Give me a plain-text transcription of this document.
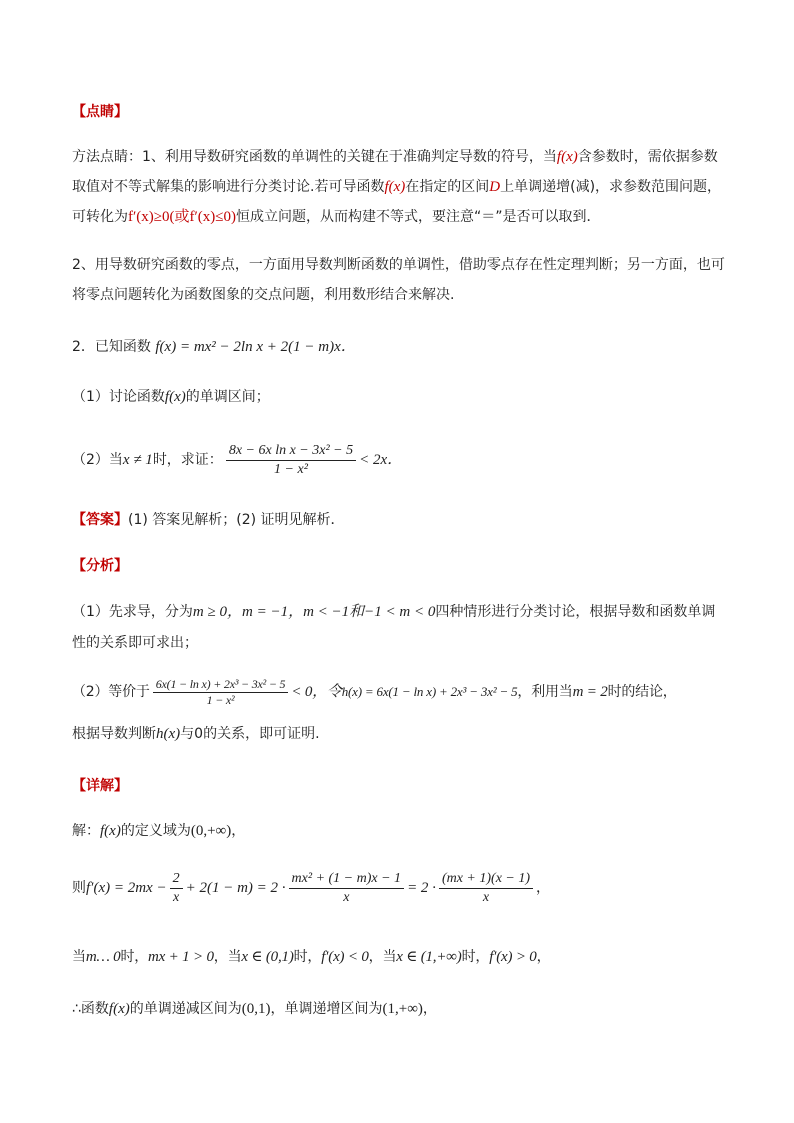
【点睛】
方法点睛：1、利用导数研究函数的单调性的关键在于准确判定导数的符号，当f(x)含参数时，需依据参数
取值对不等式解集的影响进行分类讨论.若可导函数f(x)在指定的区间D上单调递增(减)，求参数范围问题，
可转化为f′(x)≥0(或f′(x)≤0)恒成立问题，从而构建不等式，要注意“＝”是否可以取到．
2、用导数研究函数的零点，一方面用导数判断函数的单调性，借助零点存在性定理判断；另一方面，也可
将零点问题转化为函数图象的交点问题，利用数形结合来解决.
2．已知函数 f(x) = mx² − 2ln x + 2(1 − m)x．
（1）讨论函数f(x)的单调区间；
（2）当x ≠ 1时，求证： $\frac{\text{8x − 6x ln x − 3x² − 5}}{\text{1 − x²}} < 2x$．
【答案】(1) 答案见解析；(2) 证明见解析．
【分析】
（1）先求导，分为m ≥ 0，m = −1，m < −1和−1 < m < 0四种情形进行分类讨论，根据导数和函数单调
性的关系即可求出；
（2）等价于 $\frac{\text{6x(1 − ln x) + 2x³ − 3x² − 5}}{\text{1 − x²}} < 0$，令h(x) = 6x(1 − ln x) + 2x³ − 3x² − 5，利用当m = 2时的结论，
根据导数判断h(x)与0的关系，即可证明.
【详解】
解：f(x)的定义域为(0,+∞)，
则$f'(x) = 2mx - \frac{2}{x} + 2(1 - m) = 2 \cdot \frac{\text{mx² + (1 − m)x − 1}}{x} = 2 \cdot \frac{(mx + 1)(x - 1)}{x}$ ，
当m… 0时，mx + 1 > 0，当x ∈ (0,1)时，f′(x) < 0，当x ∈ (1,+∞)时，f′(x) > 0，
∴函数f(x)的单调递减区间为(0,1)，单调递增区间为(1,+∞)，
